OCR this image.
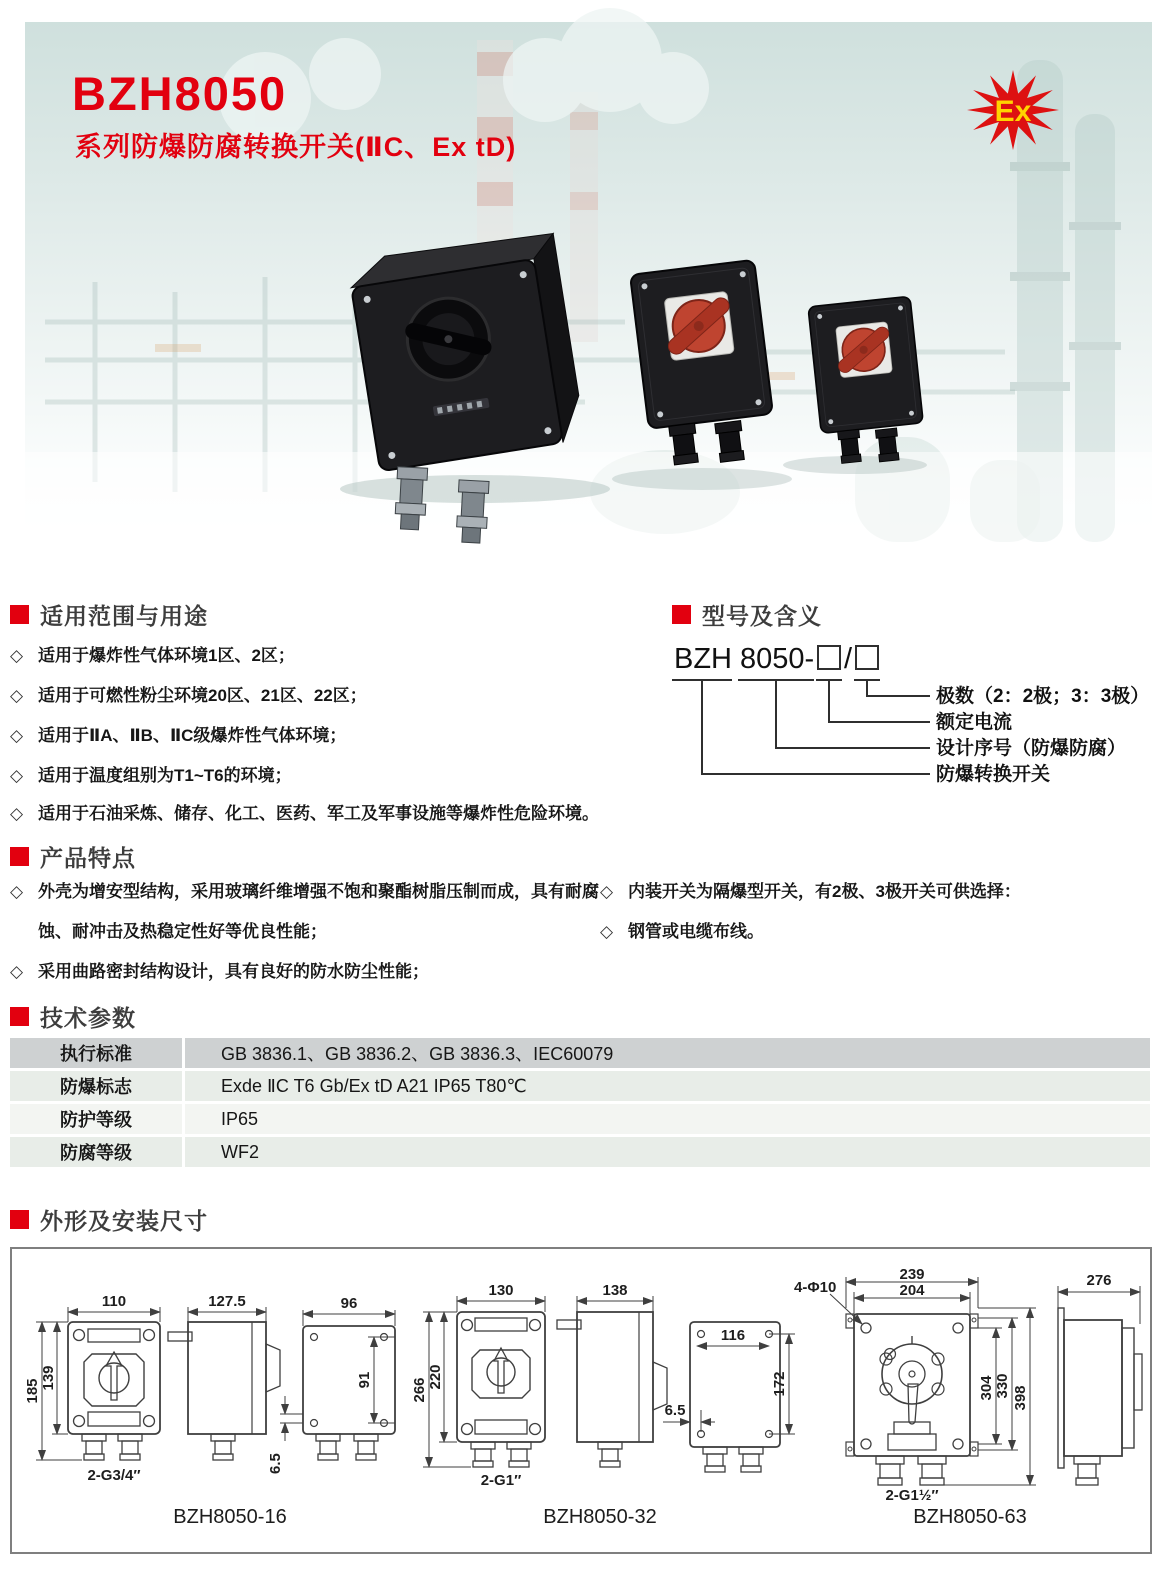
BZH8050
系列防爆防腐转换开关(ⅡC、Ex tD)
Ex
适用范围与用途
◇ 适用于爆炸性气体环境1区、2区；
◇ 适用于可燃性粉尘环境20区、21区、22区；
◇ 适用于ⅡA、ⅡB、ⅡC级爆炸性气体环境；
◇ 适用于温度组别为T1~T6的环境；
◇ 适用于石油采炼、储存、化工、医药、军工及军事设施等爆炸性危险环境。
型号及含义
BZH 8050- /
极数（2：2极；3：3极）
额定电流
设计序号（防爆防腐）
防爆转换开关
产品特点
◇ 外壳为增安型结构，采用玻璃纤维增强不饱和聚酯树脂压制而成，具有耐腐蚀、耐冲击及热稳定性好等优良性能；
◇ 采用曲路密封结构设计，具有良好的防水防尘性能；
◇ 内装开关为隔爆型开关，有2极、3极开关可供选择：
◇ 钢管或电缆布线。
技术参数
执行标准	GB 3836.1、GB 3836.2、GB 3836.3、IEC60079
防爆标志	Exde ⅡC T6 Gb/Ex tD A21 IP65 T80℃
防护等级	IP65
防腐等级	WF2
外形及安装尺寸
110
185
139
127.5	96
91
6.5
2-G3/4″
130
266
220
138
116
172
6.5
2-G1″
204
239
4-Φ10
304 330 398
276
2-G1½″
BZH8050-16	BZH8050-32	BZH8050-63
